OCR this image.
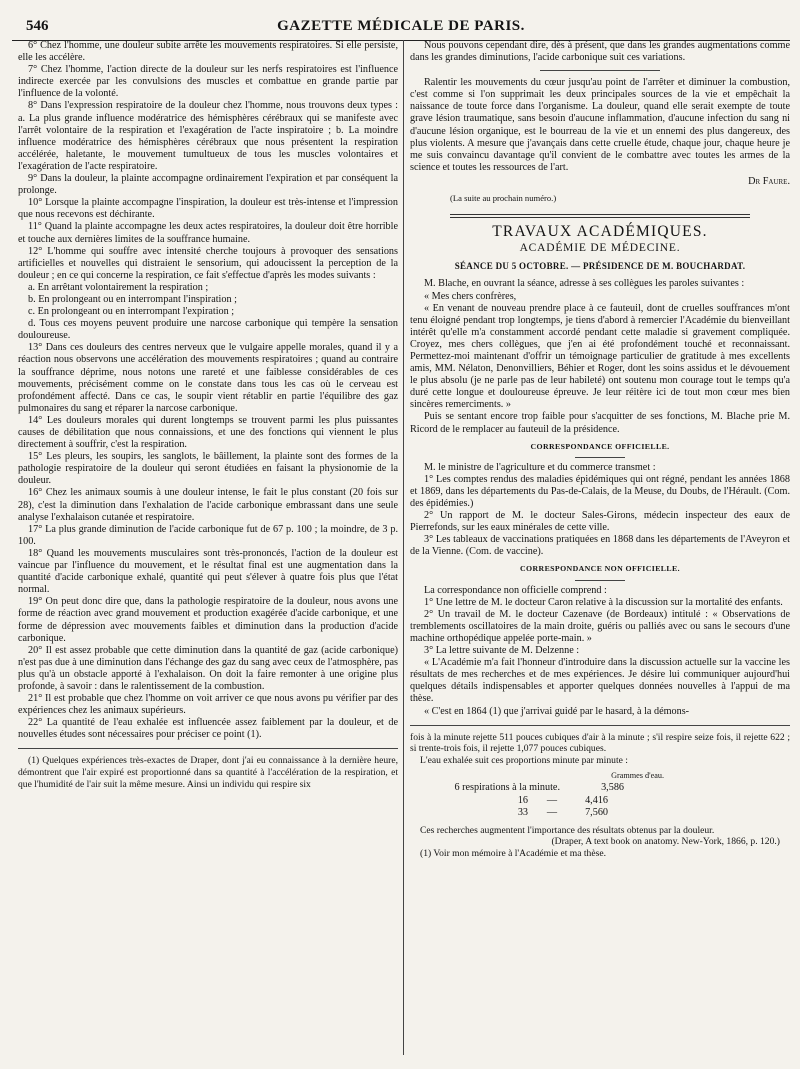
546	GAZETTE MÉDICALE DE PARIS.

6° Chez l'homme, une douleur subite arrête les mouvements respiratoires. Si elle persiste, elle les accélère.

7° Chez l'homme, l'action directe de la douleur sur les nerfs respiratoires est l'influence indirecte exercée par les convulsions des muscles et combattue en grande partie par l'influence de la volonté.

8° Dans l'expression respiratoire de la douleur chez l'homme, nous trouvons deux types : a. La plus grande influence modératrice des hémisphères cérébraux qui se manifeste avec l'arrêt volontaire de la respiration et l'exagération de l'acte inspiratoire ; b. La moindre influence modératrice des hémisphères cérébraux que nous présentent la respiration accélérée, haletante, le mouvement tumultueux de tous les muscles volontaires et l'exagération de l'acte respiratoire.

9° Dans la douleur, la plainte accompagne ordinairement l'expiration et par conséquent la prolonge.

10° Lorsque la plainte accompagne l'inspiration, la douleur est très-intense et l'impression que nous recevons est déchirante.

11° Quand la plainte accompagne les deux actes respiratoires, la douleur doit être horrible et touche aux dernières limites de la souffrance humaine.

12° L'homme qui souffre avec intensité cherche toujours à provoquer des sensations artificielles et nouvelles qui distraient le sensorium, qui adoucissent la perception de la douleur ; en ce qui concerne la respiration, ce fait s'effectue d'après les modes suivants :

a. En arrêtant volontairement la respiration ;

b. En prolongeant ou en interrompant l'inspiration ;

c. En prolongeant ou en interrompant l'expiration ;

d. Tous ces moyens peuvent produire une narcose carbonique qui tempère la sensation douloureuse.

13° Dans ces douleurs des centres nerveux que le vulgaire appelle morales, quand il y a réaction nous observons une accélération des mouvements respiratoires ; quand au contraire la souffrance déprime, nous notons une rareté et une faiblesse considérables de ces mouvements, précisément comme on le constate dans tous les cas où le cerveau est profondément affecté. Dans ce cas, le soupir vient rétablir en partie l'équilibre des gaz pulmonaires du sang et réparer la narcose carbonique.

14° Les douleurs morales qui durent longtemps se trouvent parmi les plus puissantes causes de débilitation que nous connaissions, et une des fonctions qui viennent le plus directement à souffrir, c'est la respiration.

15° Les pleurs, les soupirs, les sanglots, le bâillement, la plainte sont des formes de la pathologie respiratoire de la douleur qui seront étudiées en faisant la physionomie de la douleur.

16° Chez les animaux soumis à une douleur intense, le fait le plus constant (20 fois sur 28), c'est la diminution dans l'exhalation de l'acide carbonique embrassant dans une seule analyse l'exhalaison cutanée et respiratoire.

17° La plus grande diminution de l'acide carbonique fut de 67 p. 100 ; la moindre, de 3 p. 100.

18° Quand les mouvements musculaires sont très-prononcés, l'action de la douleur est vaincue par l'influence du mouvement, et le résultat final est une augmentation dans la quantité d'acide carbonique exhalé, quantité qui peut s'élever à quatre fois plus que l'état normal.

19° On peut donc dire que, dans la pathologie respiratoire de la douleur, nous avons une forme de réaction avec grand mouvement et production exagérée d'acide carbonique, et une forme de dépression avec mouvements faibles et diminution dans la production d'acide carbonique.

20° Il est assez probable que cette diminution dans la quantité de gaz (acide carbonique) n'est pas due à une diminution dans l'échange des gaz du sang avec ceux de l'atmosphère, pas plus qu'à un obstacle apporté à l'exhalaison. On doit la faire remonter à une origine plus profonde, à savoir : dans le ralentissement de la combustion.

21° Il est probable que chez l'homme on voit arriver ce que nous avons pu vérifier par des expériences chez les animaux supérieurs.

22° La quantité de l'eau exhalée est influencée assez faiblement par la douleur, et de nouvelles études sont nécessaires pour préciser ce point (1).

(1) Quelques expériences très-exactes de Draper, dont j'ai eu connaissance à la dernière heure, démontrent que l'air expiré est proportionné dans sa quantité à l'accélération de la respiration, et que l'humidité de l'air suit la même mesure. Ainsi un individu qui respire six

Nous pouvons cependant dire, dès à présent, que dans les grandes augmentations comme dans les grandes diminutions, l'acide carbonique suit ces variations.

Ralentir les mouvements du cœur jusqu'au point de l'arrêter et diminuer la combustion, c'est comme si l'on supprimait les deux principales sources de la vie et empêchait la naissance de toute force dans l'organisme. La douleur, quand elle serait exempte de toute grave lésion traumatique, sans besoin d'aucune inflammation, d'aucune infection du sang ni d'aucune lésion organique, est le bourreau de la vie et un ennemi des plus dangereux, des plus violents. A mesure que j'avançais dans cette cruelle étude, chaque jour, chaque heure je me suis convaincu davantage qu'il convient de le combattre avec toutes les armes de la science et toutes les ressources de l'art.

Dr Faure.

(La suite au prochain numéro.)

TRAVAUX ACADÉMIQUES.
ACADÉMIE DE MÉDECINE.
SÉANCE DU 5 OCTOBRE. — PRÉSIDENCE DE M. BOUCHARDAT.

M. Blache, en ouvrant la séance, adresse à ses collègues les paroles suivantes :

« Mes chers confrères,

« En venant de nouveau prendre place à ce fauteuil, dont de cruelles souffrances m'ont tenu éloigné pendant trop longtemps, je tiens d'abord à remercier l'Académie du bienveillant intérêt qu'elle m'a constamment accordé pendant cette maladie si gravement compliquée. Croyez, mes chers collègues, que j'en ai été profondément touché et reconnaissant. Permettez-moi maintenant d'offrir un témoignage particulier de gratitude à mes excellents amis, MM. Nélaton, Denonvilliers, Béhier et Roger, dont les soins assidus et le dévouement le plus absolu (je ne parle pas de leur habileté) ont soutenu mon courage tout le temps qu'a duré cette longue et douloureuse épreuve. Je leur réitère ici de tout mon cœur mes bien sincères remerciments. »

Puis se sentant encore trop faible pour s'acquitter de ses fonctions, M. Blache prie M. Ricord de le remplacer au fauteuil de la présidence.

CORRESPONDANCE OFFICIELLE.

M. le ministre de l'agriculture et du commerce transmet :

1° Les comptes rendus des maladies épidémiques qui ont régné, pendant les années 1868 et 1869, dans les départements du Pas-de-Calais, de la Meuse, du Doubs, de l'Hérault. (Com. des épidémies.)

2° Un rapport de M. le docteur Sales-Girons, médecin inspecteur des eaux de Pierrefonds, sur les eaux minérales de cette ville.

3° Les tableaux de vaccinations pratiquées en 1868 dans les départements de l'Aveyron et de la Vienne. (Com. de vaccine).

CORRESPONDANCE NON OFFICIELLE.

La correspondance non officielle comprend :

1° Une lettre de M. le docteur Caron relative à la discussion sur la mortalité des enfants.

2° Un travail de M. le docteur Cazenave (de Bordeaux) intitulé : « Observations de tremblements oscillatoires de la main droite, guéris ou palliés avec ou sans le secours d'une machine orthopédique appelée porte-main. »

3° La lettre suivante de M. Delzenne :

« L'Académie m'a fait l'honneur d'introduire dans la discussion actuelle sur la vaccine les résultats de mes recherches et de mes expériences. Je désire lui communiquer aujourd'hui quelques détails indispensables et apporter quelques données nouvelles à l'appui de ma thèse.

« C'est en 1864 (1) que j'arrivai guidé par le hasard, à la démons-

fois à la minute rejette 511 pouces cubiques d'air à la minute ; s'il respire seize fois, il rejette 622 ; si trente-trois fois, il rejette 1,077 pouces cubiques.

L'eau exhalée suit ces proportions minute par minute :

Grammes d'eau.
6 respirations à la minute.	3,586
16	—	4,416
33	—	7,560

Ces recherches augmentent l'importance des résultats obtenus par la douleur.

(Draper, A text book on anatomy. New-York, 1866, p. 120.)

(1) Voir mon mémoire à l'Académie et ma thèse.
